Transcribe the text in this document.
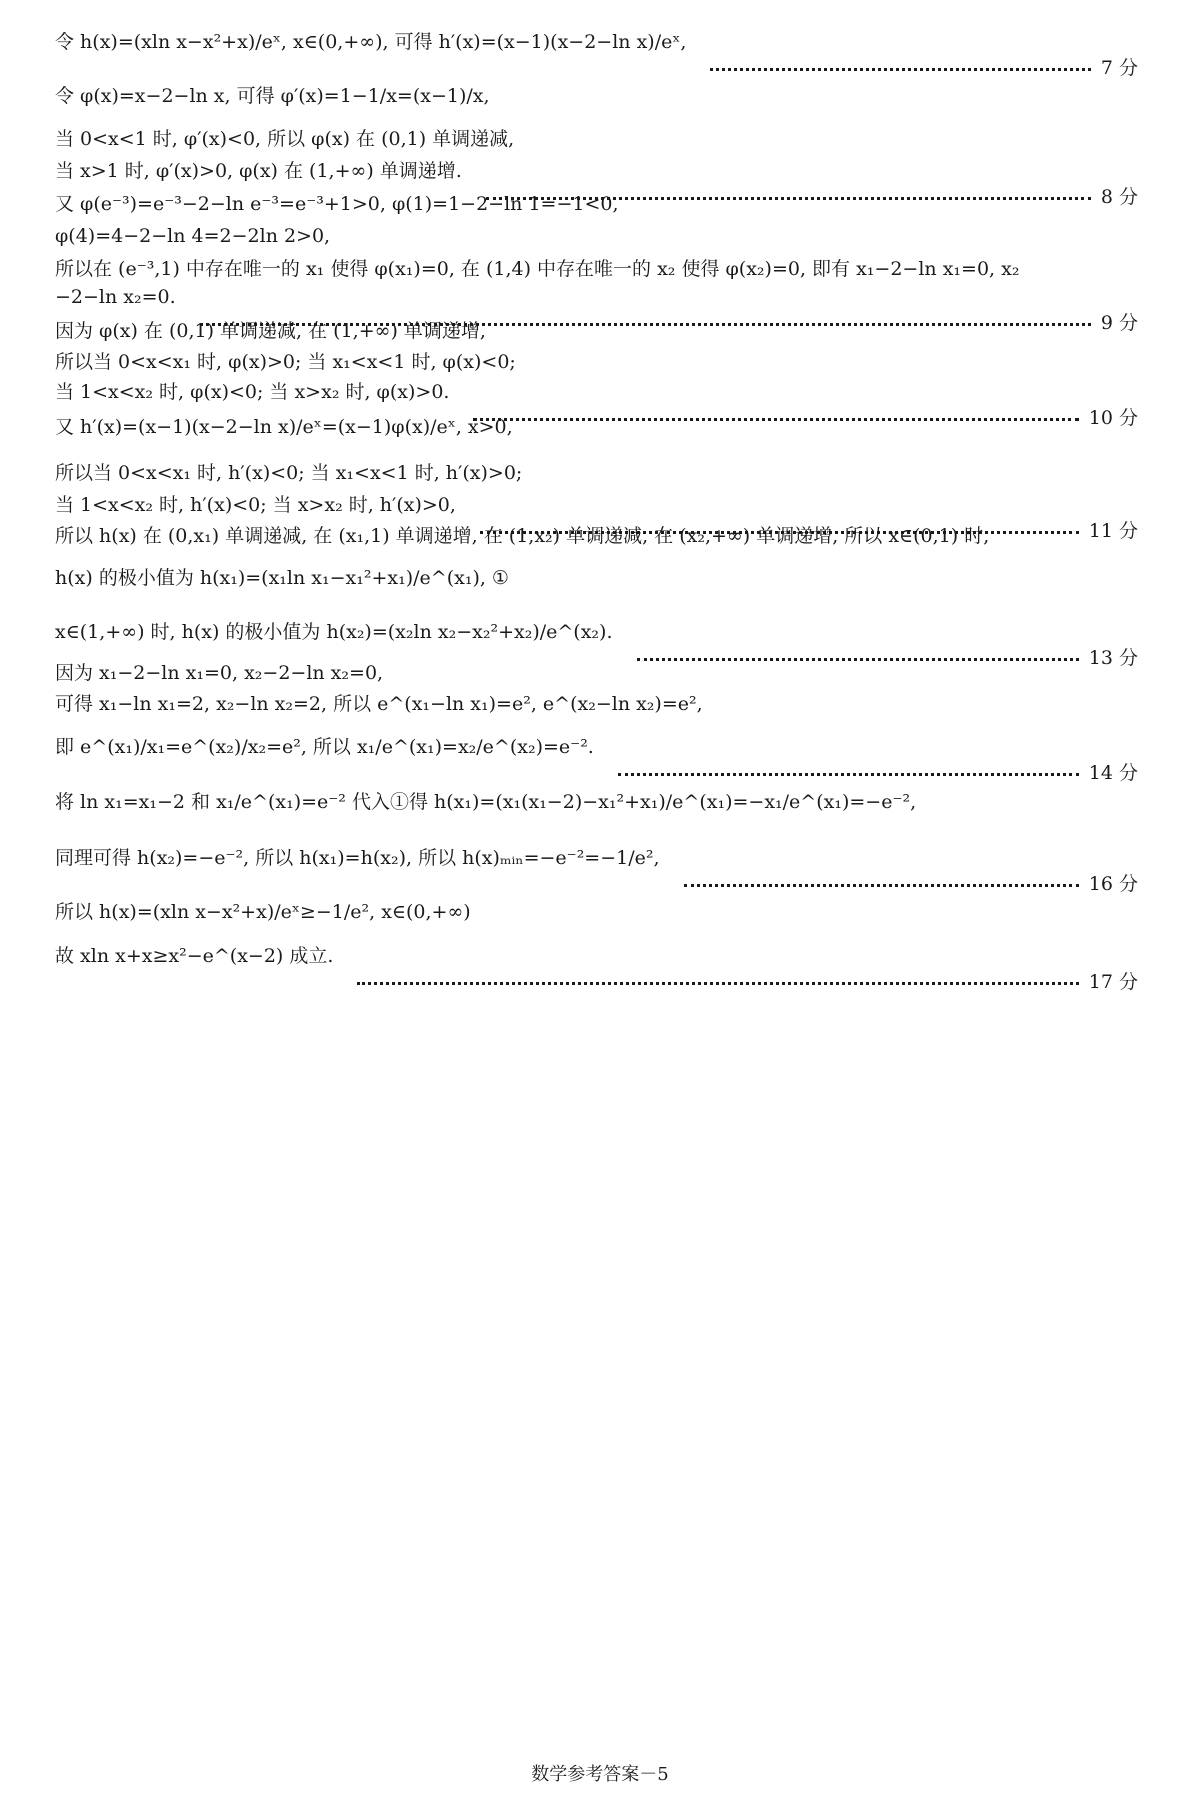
令 h(x)=(xln x−x²+x)/eˣ, x∈(0,+∞), 可得 h′(x)=(x−1)(x−2−ln x)/eˣ,
7 分
令 φ(x)=x−2−ln x, 可得 φ′(x)=1−1/x=(x−1)/x,
当 0<x<1 时, φ′(x)<0, 所以 φ(x) 在 (0,1) 单调递减,
当 x>1 时, φ′(x)>0, φ(x) 在 (1,+∞) 单调递增.
8 分
又 φ(e⁻³)=e⁻³−2−ln e⁻³=e⁻³+1>0, φ(1)=1−2−ln 1=−1<0,
φ(4)=4−2−ln 4=2−2ln 2>0,
所以在 (e⁻³,1) 中存在唯一的 x₁ 使得 φ(x₁)=0, 在 (1,4) 中存在唯一的 x₂ 使得 φ(x₂)=0, 即有 x₁−2−ln x₁=0, x₂
−2−ln x₂=0.
9 分
因为 φ(x) 在 (0,1) 单调递减, 在 (1,+∞) 单调递增,
所以当 0<x<x₁ 时, φ(x)>0; 当 x₁<x<1 时, φ(x)<0;
当 1<x<x₂ 时, φ(x)<0; 当 x>x₂ 时, φ(x)>0.
10 分
又 h′(x)=(x−1)(x−2−ln x)/eˣ=(x−1)φ(x)/eˣ, x>0,
所以当 0<x<x₁ 时, h′(x)<0; 当 x₁<x<1 时, h′(x)>0;
当 1<x<x₂ 时, h′(x)<0; 当 x>x₂ 时, h′(x)>0,
11 分
所以 h(x) 在 (0,x₁) 单调递减, 在 (x₁,1) 单调递增, 在 (1,x₂) 单调递减, 在 (x₂,+∞) 单调递增, 所以 x∈(0,1) 时,
h(x) 的极小值为 h(x₁)=(x₁ln x₁−x₁²+x₁)/e^(x₁), ①
x∈(1,+∞) 时, h(x) 的极小值为 h(x₂)=(x₂ln x₂−x₂²+x₂)/e^(x₂).
13 分
因为 x₁−2−ln x₁=0, x₂−2−ln x₂=0,
可得 x₁−ln x₁=2, x₂−ln x₂=2, 所以 e^(x₁−ln x₁)=e², e^(x₂−ln x₂)=e²,
即 e^(x₁)/x₁=e^(x₂)/x₂=e², 所以 x₁/e^(x₁)=x₂/e^(x₂)=e⁻².
14 分
将 ln x₁=x₁−2 和 x₁/e^(x₁)=e⁻² 代入①得 h(x₁)=(x₁(x₁−2)−x₁²+x₁)/e^(x₁)=−x₁/e^(x₁)=−e⁻²,
同理可得 h(x₂)=−e⁻², 所以 h(x₁)=h(x₂), 所以 h(x)ₘᵢₙ=−e⁻²=−1/e²,
16 分
所以 h(x)=(xln x−x²+x)/eˣ≥−1/e², x∈(0,+∞)
故 xln x+x≥x²−e^(x−2) 成立.
17 分
数学参考答案－5
